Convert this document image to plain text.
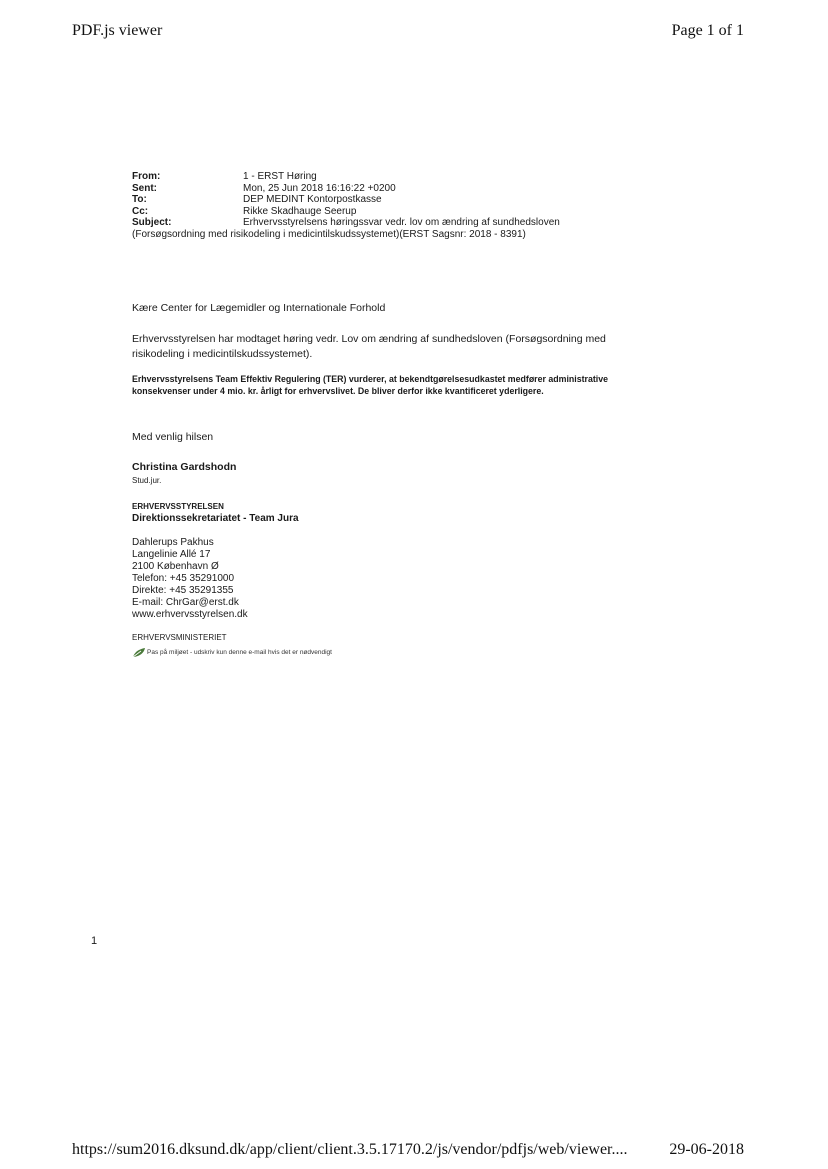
PDF.js viewer	Page 1 of 1
From:	1 - ERST Høring
Sent:	Mon, 25 Jun 2018 16:16:22 +0200
To:	DEP MEDINT Kontorpostkasse
Cc:	Rikke Skadhauge Seerup
Subject:	Erhvervsstyrelsens høringssvar vedr. lov om ændring af sundhedsloven
(Forsøgsordning med risikodeling i medicintilskudssystemet)(ERST Sagsnr: 2018 - 8391)
Kære Center for Lægemidler og Internationale Forhold
Erhvervsstyrelsen har modtaget høring vedr. Lov om ændring af sundhedsloven (Forsøgsordning med risikodeling i medicintilskudssystemet).
Erhvervsstyrelsens Team Effektiv Regulering (TER) vurderer, at bekendtgørelsesudkastet medfører administrative konsekvenser under 4 mio. kr. årligt for erhvervslivet. De bliver derfor ikke kvantificeret yderligere.
Med venlig hilsen
Christina Gardshodn
Stud.jur.
ERHVERVSSTYRELSEN
Direktionssekretariatet - Team Jura
Dahlerups Pakhus
Langelinie Allé 17
2100 København Ø
Telefon: +45 35291000
Direkte: +45 35291355
E-mail: ChrGar@erst.dk
www.erhvervsstyrelsen.dk
ERHVERVSMINISTERIET
Pas på miljøet - udskriv kun denne e-mail hvis det er nødvendigt
1
https://sum2016.dksund.dk/app/client/client.3.5.17170.2/js/vendor/pdfjs/web/viewer....	29-06-2018
